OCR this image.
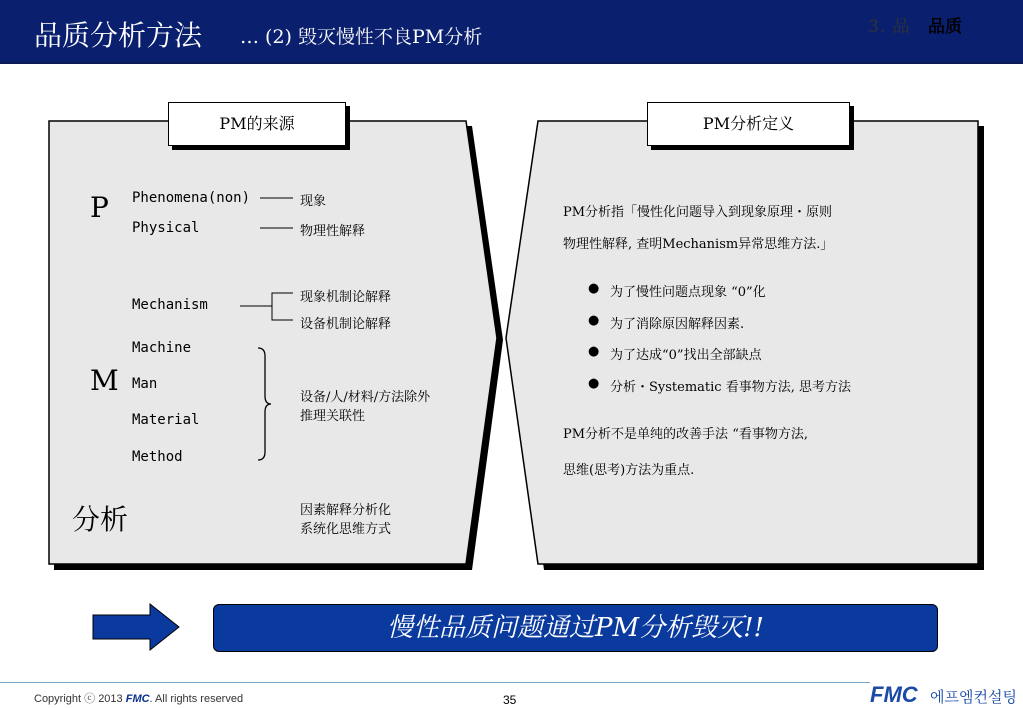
品质分析方法 … (2) 毁灭慢性不良PM分析	3. 品 品质
PM的来源	PM分析定义
P
M
分析
Phenomena(non)	现象
Physical	物理性解释
Mechanism	现象机制论解释
设备机制论解释
Machine
Man
Material
Method
设备/人/材料/方法除外
推理关联性
因素解释分析化
系统化思维方式
PM分析指「慢性化问题导入到现象原理・原则
物理性解释, 查明Mechanism异常思维方法.」
● 为了慢性问题点现象 “0”化
● 为了消除原因解释因素.
● 为了达成“0”找出全部缺点
● 分析・Systematic 看事物方法, 思考方法
PM分析不是单纯的改善手法 “看事物方法,
思维(思考)方法为重点.
慢性品质问题通过PM分析毁灭!!
Copyright ⓒ 2013 FMC. All rights reserved	35	FMC 에프엠컨설팅
